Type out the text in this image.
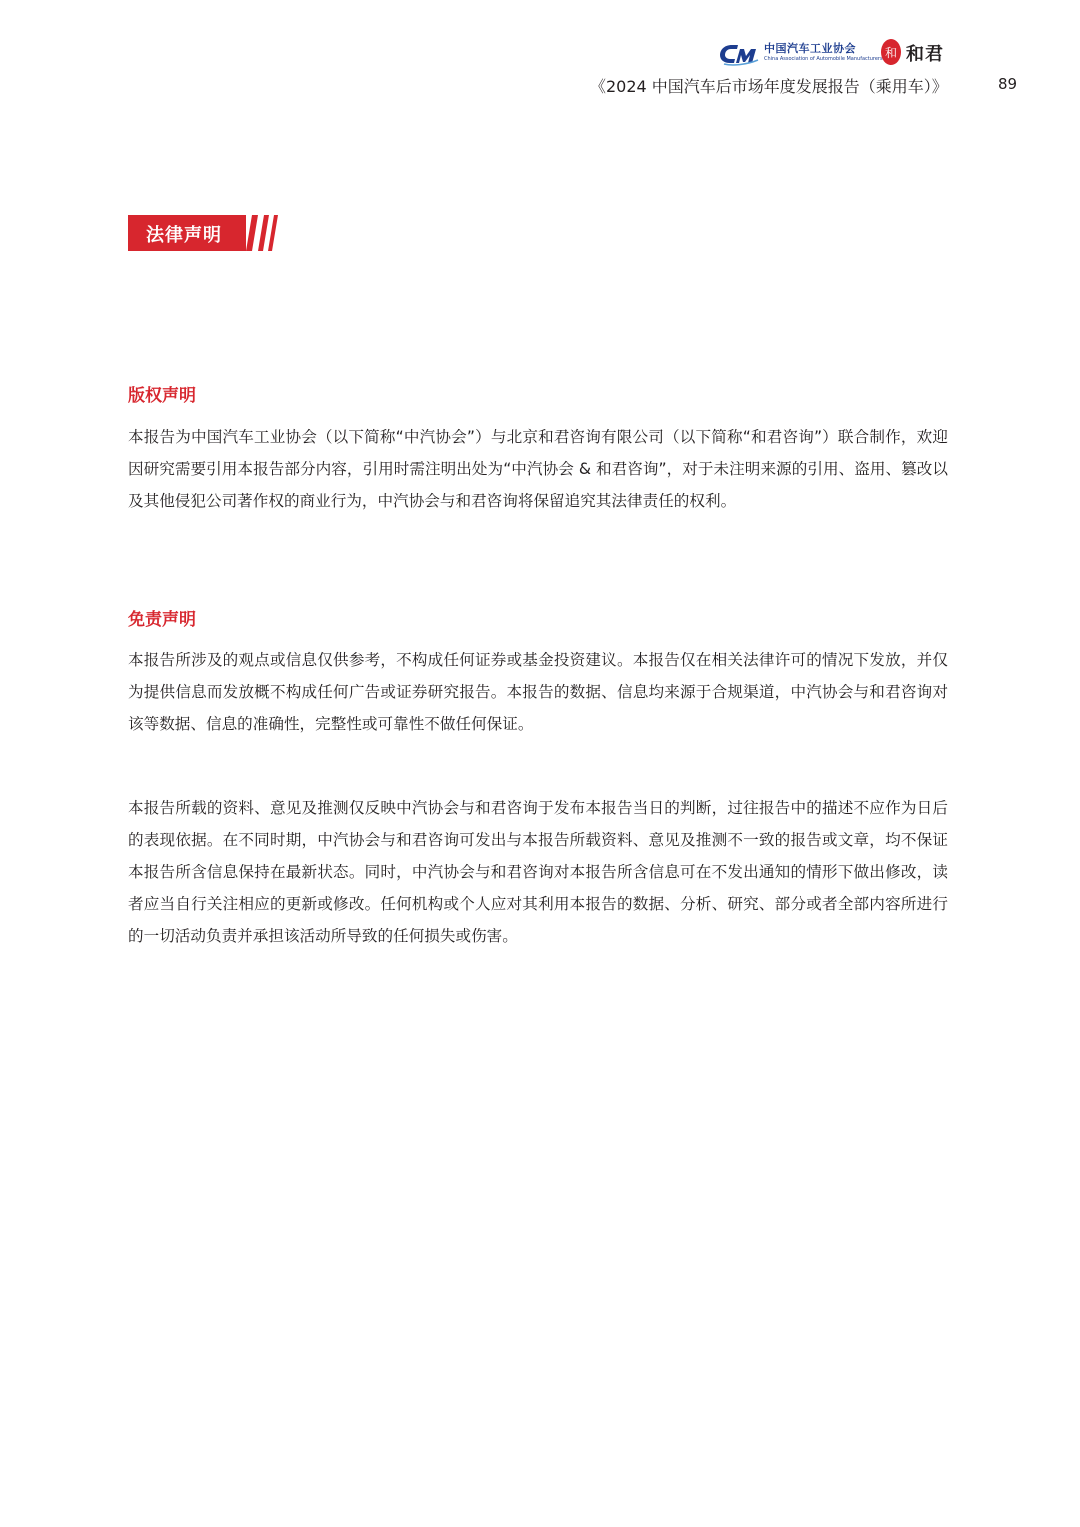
中国汽车工业协会
China Association of Automobile Manufacturers 和 和君
《2024 中国汽车后市场年度发展报告（乘用车）》	89
法律声明
版权声明

本报告为中国汽车工业协会（以下简称“中汽协会”）与北京和君咨询有限公司（以下简称“和君咨询”）联合制作，欢迎因研究需要引用本报告部分内容，引用时需注明出处为“中汽协会 & 和君咨询”，对于未注明来源的引用、盗用、篡改以及其他侵犯公司著作权的商业行为，中汽协会与和君咨询将保留追究其法律责任的权利。

免责声明

本报告所涉及的观点或信息仅供参考，不构成任何证券或基金投资建议。本报告仅在相关法律许可的情况下发放，并仅为提供信息而发放概不构成任何广告或证券研究报告。本报告的数据、信息均来源于合规渠道，中汽协会与和君咨询对该等数据、信息的准确性，完整性或可靠性不做任何保证。

本报告所载的资料、意见及推测仅反映中汽协会与和君咨询于发布本报告当日的判断，过往报告中的描述不应作为日后的表现依据。在不同时期，中汽协会与和君咨询可发出与本报告所载资料、意见及推测不一致的报告或文章，均不保证本报告所含信息保持在最新状态。同时，中汽协会与和君咨询对本报告所含信息可在不发出通知的情形下做出修改，读者应当自行关注相应的更新或修改。任何机构或个人应对其利用本报告的数据、分析、研究、部分或者全部内容所进行的一切活动负责并承担该活动所导致的任何损失或伤害。
